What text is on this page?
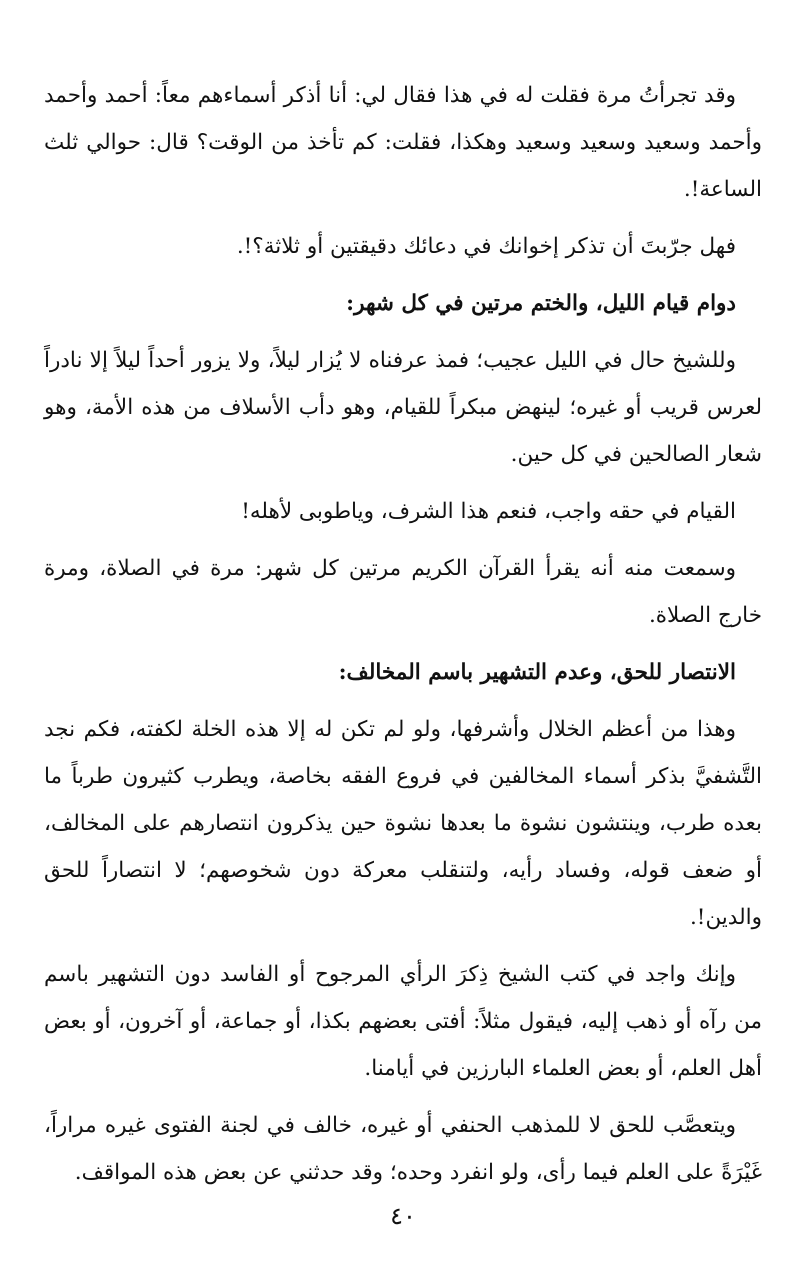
وقد تجرأتُ مرة فقلت له في هذا فقال لي: أنا أذكر أسماءهم معاً: أحمد وأحمد وأحمد وسعيد وسعيد وسعيد وهكذا، فقلت: كم تأخذ من الوقت؟ قال: حوالي ثلث الساعة!.

فهل جرّبتَ أن تذكر إخوانك في دعائك دقيقتين أو ثلاثة؟!.

دوام قيام الليل، والختم مرتين في كل شهر:

وللشيخ حال في الليل عجيب؛ فمذ عرفناه لا يُزار ليلاً، ولا يزور أحداً ليلاً إلا نادراً لعرس قريب أو غيره؛ لينهض مبكراً للقيام، وهو دأب الأسلاف من هذه الأمة، وهو شعار الصالحين في كل حين.

القيام في حقه واجب، فنعم هذا الشرف، وياطوبى لأهله!

وسمعت منه أنه يقرأ القرآن الكريم مرتين كل شهر: مرة في الصلاة، ومرة خارج الصلاة.

الانتصار للحق، وعدم التشهير باسم المخالف:

وهذا من أعظم الخلال وأشرفها، ولو لم تكن له إلا هذه الخلة لكفته، فكم نجد التَّشفيَّ بذكر أسماء المخالفين في فروع الفقه بخاصة، ويطرب كثيرون طرباً ما بعده طرب، وينتشون نشوة ما بعدها نشوة حين يذكرون انتصارهم على المخالف، أو ضعف قوله، وفساد رأيه، ولتنقلب معركة دون شخوصهم؛ لا انتصاراً للحق والدين!.

وإنك واجد في كتب الشيخ ذِكرَ الرأي المرجوح أو الفاسد دون التشهير باسم من رآه أو ذهب إليه، فيقول مثلاً: أفتى بعضهم بكذا، أو جماعة، أو آخرون، أو بعض أهل العلم، أو بعض العلماء البارزين في أيامنا.

ويتعصَّب للحق لا للمذهب الحنفي أو غيره، خالف في لجنة الفتوى غيره مراراً، غَيْرَةً على العلم فيما رأى، ولو انفرد وحده؛ وقد حدثني عن بعض هذه المواقف.

٤٠
